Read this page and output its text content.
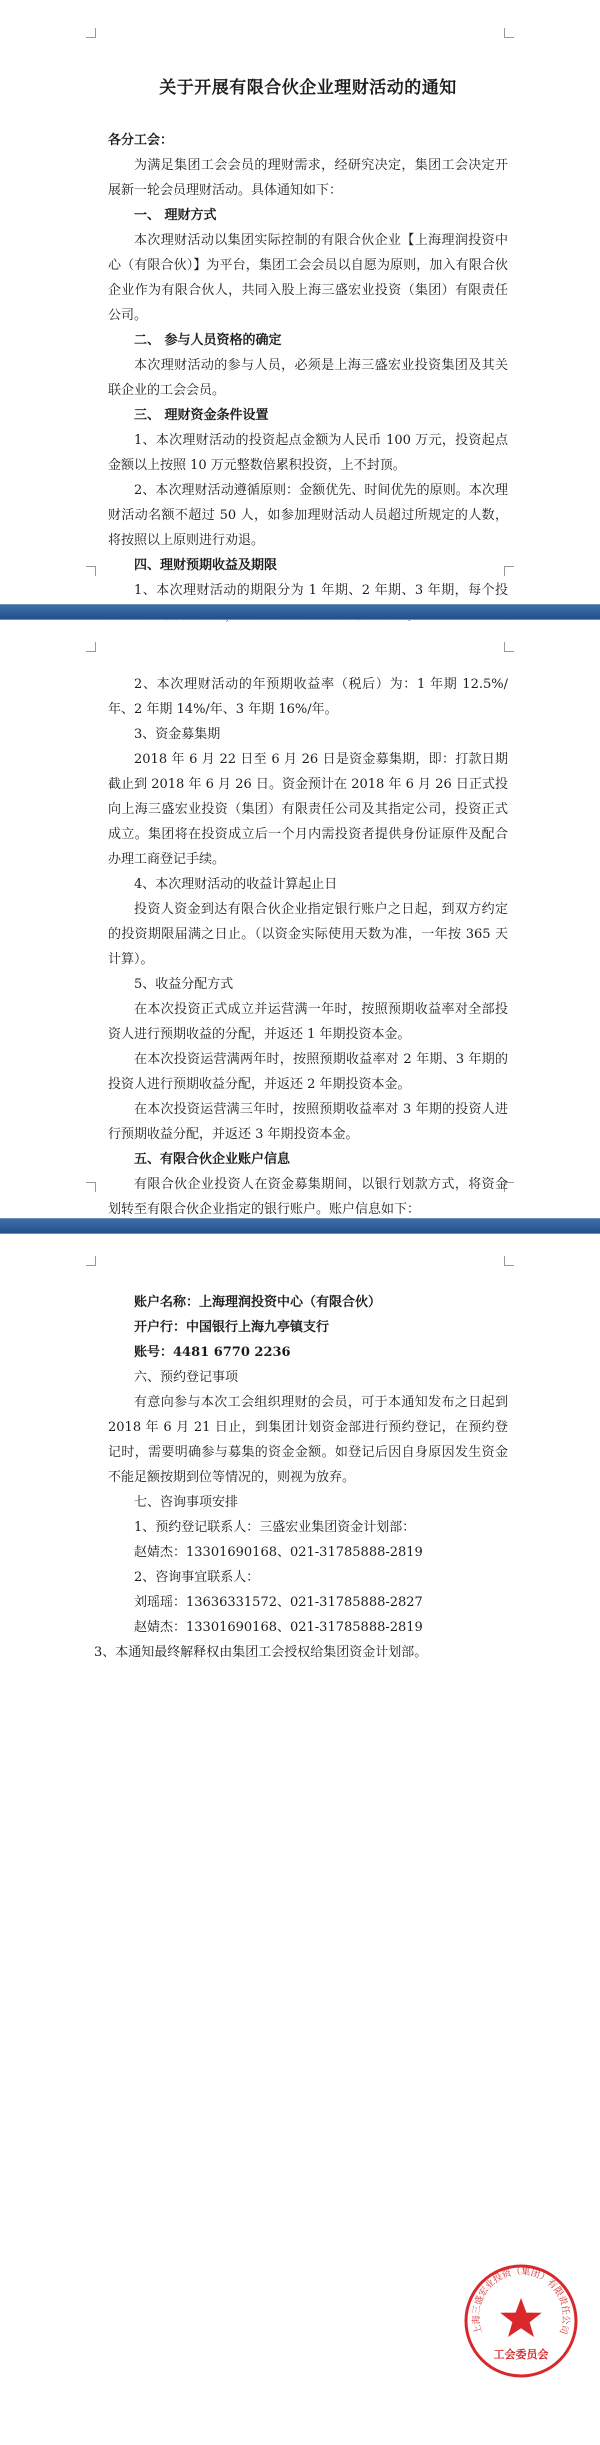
关于开展有限合伙企业理财活动的通知

各分工会：

为满足集团工会会员的理财需求，经研究决定，集团工会决定开展新一轮会员理财活动。具体通知如下：

一、 理财方式

本次理财活动以集团实际控制的有限合伙企业【上海理润投资中心（有限合伙）】为平台，集团工会会员以自愿为原则，加入有限合伙企业作为有限合伙人，共同入股上海三盛宏业投资（集团）有限责任公司。

二、 参与人员资格的确定

本次理财活动的参与人员，必须是上海三盛宏业投资集团及其关联企业的工会会员。

三、 理财资金条件设置

1、本次理财活动的投资起点金额为人民币 100 万元，投资起点金额以上按照 10 万元整数倍累积投资，上不封顶。

2、本次理财活动遵循原则：金额优先、时间优先的原则。本次理财活动名额不超过 50 人，如参加理财活动人员超过所规定的人数，将按照以上原则进行劝退。

四、理财预期收益及期限

1、本次理财活动的期限分为 1 年期、2 年期、3 年期，每个投

2、本次理财活动的年预期收益率（税后）为：1 年期 12.5%/年、2 年期 14%/年、3 年期 16%/年。

3、资金募集期

2018 年 6 月 22 日至 6 月 26 日是资金募集期，即：打款日期截止到 2018 年 6 月 26 日。资金预计在 2018 年 6 月 26 日正式投向上海三盛宏业投资（集团）有限责任公司及其指定公司，投资正式成立。集团将在投资成立后一个月内需投资者提供身份证原件及配合办理工商登记手续。

4、本次理财活动的收益计算起止日

投资人资金到达有限合伙企业指定银行账户之日起，到双方约定的投资期限届满之日止。（以资金实际使用天数为准，一年按 365 天计算）。

5、收益分配方式

在本次投资正式成立并运营满一年时，按照预期收益率对全部投资人进行预期收益的分配，并返还 1 年期投资本金。

在本次投资运营满两年时，按照预期收益率对 2 年期、3 年期的投资人进行预期收益分配，并返还 2 年期投资本金。

在本次投资运营满三年时，按照预期收益率对 3 年期的投资人进行预期收益分配，并返还 3 年期投资本金。

五、有限合伙企业账户信息

有限合伙企业投资人在资金募集期间，以银行划款方式，将资金划转至有限合伙企业指定的银行账户。账户信息如下：

账户名称：上海理润投资中心（有限合伙）

开户行：中国银行上海九亭镇支行

账号：4481 6770 2236

六、预约登记事项

有意向参与本次工会组织理财的会员，可于本通知发布之日起到 2018 年 6 月 21 日止，到集团计划资金部进行预约登记，在预约登记时，需要明确参与募集的资金金额。如登记后因自身原因发生资金不能足额按期到位等情况的，则视为放弃。

七、咨询事项安排

1、预约登记联系人：三盛宏业集团资金计划部：

赵婧杰：13301690168、021-31785888-2819

2、咨询事宜联系人：

刘瑶瑶：13636331572、021-31785888-2827

赵婧杰：13301690168、021-31785888-2819

3、本通知最终解释权由集团工会授权给集团资金计划部。

上海三盛宏业投资（集团）有限责任公司
工会委员会
